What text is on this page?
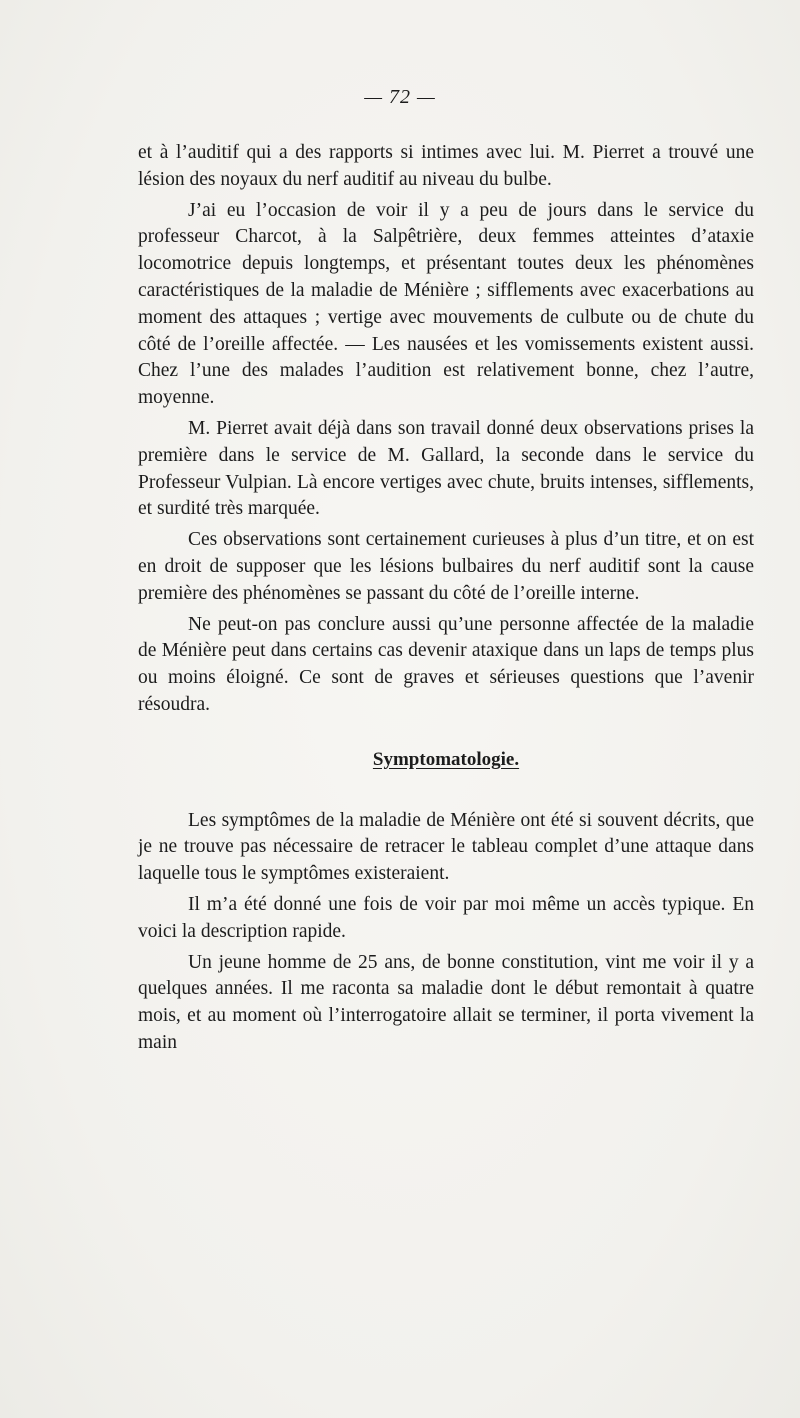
— 72 —

et à l’auditif qui a des rapports si intimes avec lui. M. Pierret a trouvé une lésion des noyaux du nerf auditif au niveau du bulbe.

J’ai eu l’occasion de voir il y a peu de jours dans le service du professeur Charcot, à la Salpêtrière, deux femmes atteintes d’ataxie locomotrice depuis longtemps, et présentant toutes deux les phénomènes caractéristiques de la maladie de Ménière ; sifflements avec exacerbations au moment des attaques ; vertige avec mouvements de culbute ou de chute du côté de l’oreille affectée. — Les nausées et les vomissements existent aussi. Chez l’une des malades l’audition est relativement bonne, chez l’autre, moyenne.

M. Pierret avait déjà dans son travail donné deux observations prises la première dans le service de M. Gallard, la seconde dans le service du Professeur Vulpian. Là encore vertiges avec chute, bruits intenses, sifflements, et surdité très marquée.

Ces observations sont certainement curieuses à plus d’un titre, et on est en droit de supposer que les lésions bulbaires du nerf auditif sont la cause première des phénomènes se passant du côté de l’oreille interne.

Ne peut-on pas conclure aussi qu’une personne affectée de la maladie de Ménière peut dans certains cas devenir ataxique dans un laps de temps plus ou moins éloigné. Ce sont de graves et sérieuses questions que l’avenir résoudra.

Symptomatologie.

Les symptômes de la maladie de Ménière ont été si souvent décrits, que je ne trouve pas nécessaire de retracer le tableau complet d’une attaque dans laquelle tous le symptômes existeraient.

Il m’a été donné une fois de voir par moi même un accès typique. En voici la description rapide.

Un jeune homme de 25 ans, de bonne constitution, vint me voir il y a quelques années. Il me raconta sa maladie dont le début remontait à quatre mois, et au moment où l’interrogatoire allait se terminer, il porta vivement la main
